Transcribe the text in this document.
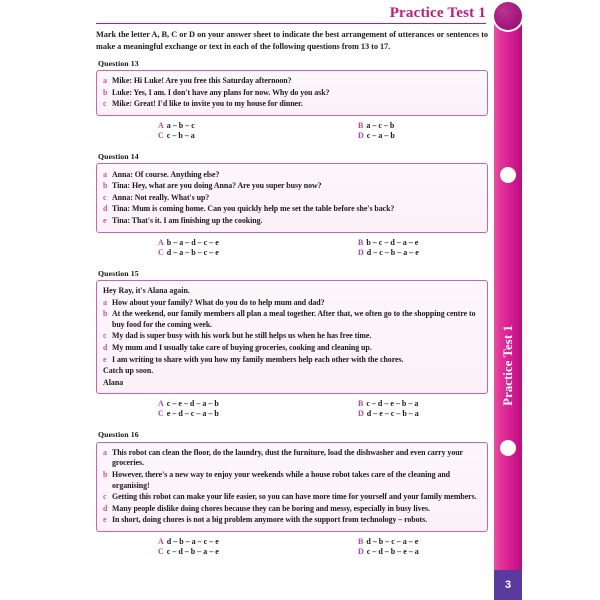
Practice Test 1
3
Practice Test 1

Mark the letter A, B, C or D on your answer sheet to indicate the best arrangement of utterances or sentences to make a meaningful exchange or text in each of the following questions from 13 to 17.

Question 13
a Mike: Hi Luke! Are you free this Saturday afternoon?
b Luke: Yes, I am. I don't have any plans for now. Why do you ask?
c Mike: Great! I'd like to invite you to my house for dinner.
A a – b – c	B a – c – b
C c – b – a	D c – a – b
Question 14
a Anna: Of course. Anything else?
b Tina: Hey, what are you doing Anna? Are you super busy now?
c Anna: Not really. What's up?
d Tina: Mum is coming home. Can you quickly help me set the table before she's back?
e Tina: That's it. I am finishing up the cooking.
A b – a – d – c – e	B b – c – d – a – e
C d – a – b – c – e	D d – c – b – a – e
Question 15
Hey Ray, it's Alana again.
a How about your family? What do you do to help mum and dad?
b At the weekend, our family members all plan a meal together. After that, we often go to the shopping centre to buy food for the coming week.
c My dad is super busy with his work but he still helps us when he has free time.
d My mum and I usually take care of buying groceries, cooking and cleaning up.
e I am writing to share with you how my family members help each other with the chores.
Catch up soon.
Alana
A c – e – d – a – b	B c – d – e – b – a
C e – d – c – a – b	D d – e – c – b – a
Question 16
a This robot can clean the floor, do the laundry, dust the furniture, load the dishwasher and even carry your groceries.
b However, there's a new way to enjoy your weekends while a house robot takes care of the cleaning and organising!
c Getting this robot can make your life easier, so you can have more time for yourself and your family members.
d Many people dislike doing chores because they can be boring and messy, especially in busy lives.
e In short, doing chores is not a big problem anymore with the support from technology – robots.
A d – b – a – c – e	B d – b – c – a – e
C c – d – b – a – e	D c – d – b – e – a
